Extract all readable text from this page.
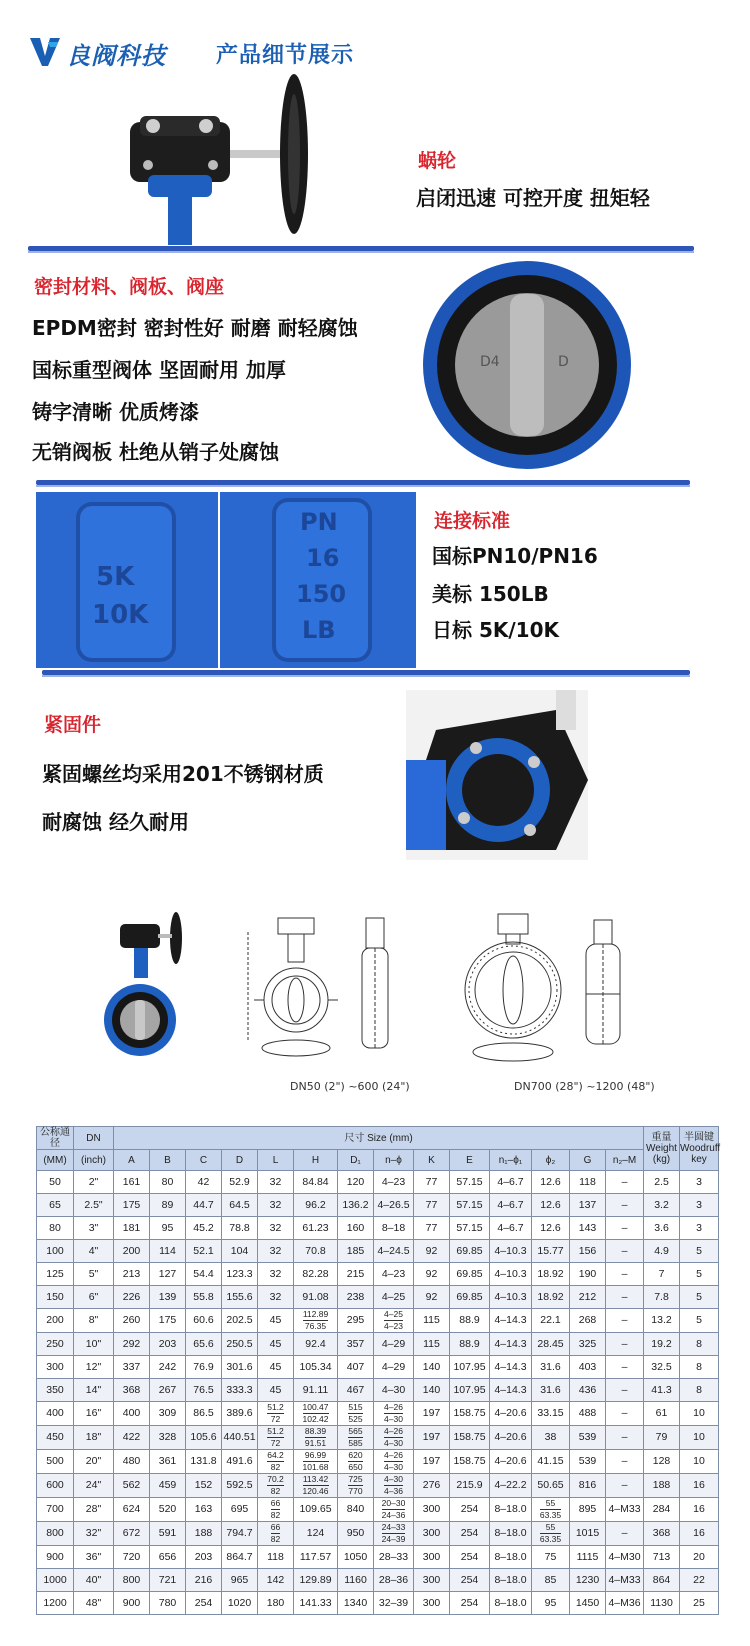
良阀科技 产品细节展示
蜗轮
启闭迅速 可控开度 扭矩轻
密封材料、阀板、阀座
EPDM密封 密封性好 耐磨 耐轻腐蚀
国标重型阀体 坚固耐用 加厚
铸字清晰 优质烤漆
无销阀板 杜绝从销子处腐蚀
D4	D
5K
10K
PN
16
150
LB
连接标准
国标PN10/PN16
美标 150LB
日标 5K/10K
紧固件
紧固螺丝均采用201不锈钢材质
耐腐蚀 经久耐用
DN50 (2") ~600 (24")	DN700 (28") ~1200 (48")
公称通径	DN	尺寸 Size (mm)														重量 Weight (kg)	半圆键 Woodruff key
(MM)	(inch)	A	B	C	D	L	H	D₁	n–ϕ	K	E	n₁–ϕ₁	ϕ₂	G	n₂–M		
50	2"	161	80	42	52.9	32	84.84	120	4–23	77	57.15	4–6.7	12.6	118	–	2.5	3
65	2.5"	175	89	44.7	64.5	32	96.2	136.2	4–26.5	77	57.15	4–6.7	12.6	137	–	3.2	3
80	3"	181	95	45.2	78.8	32	61.23	160	8–18	77	57.15	4–6.7	12.6	143	–	3.6	3
100	4"	200	114	52.1	104	32	70.8	185	4–24.5	92	69.85	4–10.3	15.77	156	–	4.9	5
125	5"	213	127	54.4	123.3	32	82.28	215	4–23	92	69.85	4–10.3	18.92	190	–	7	5
150	6"	226	139	55.8	155.6	32	91.08	238	4–25	92	69.85	4–10.3	18.92	212	–	7.8	5
200	8"	260	175	60.6	202.5	45	$\frac{112.89}{76.35}$	295	$\frac{4-25}{4-23}$	115	88.9	4–14.3	22.1	268	–	13.2	5
250	10"	292	203	65.6	250.5	45	92.4	357	4–29	115	88.9	4–14.3	28.45	325	–	19.2	8
300	12"	337	242	76.9	301.6	45	105.34	407	4–29	140	107.95	4–14.3	31.6	403	–	32.5	8
350	14"	368	267	76.5	333.3	45	91.11	467	4–30	140	107.95	4–14.3	31.6	436	–	41.3	8
400	16"	400	309	86.5	389.6	$\frac{51.2}{72}$	$\frac{100.47}{102.42}$	$\frac{515}{525}$	$\frac{4-26}{4-30}$	197	158.75	4–20.6	33.15	488	–	61	10
450	18"	422	328	105.6	440.51	$\frac{51.2}{72}$	$\frac{88.39}{91.51}$	$\frac{565}{585}$	$\frac{4-26}{4-30}$	197	158.75	4–20.6	38	539	–	79	10
500	20"	480	361	131.8	491.6	$\frac{64.2}{82}$	$\frac{96.99}{101.68}$	$\frac{620}{650}$	$\frac{4-26}{4-30}$	197	158.75	4–20.6	41.15	539	–	128	10
600	24"	562	459	152	592.5	$\frac{70.2}{82}$	$\frac{113.42}{120.46}$	$\frac{725}{770}$	$\frac{4-30}{4-36}$	276	215.9	4–22.2	50.65	816	–	188	16
700	28"	624	520	163	695	$\frac{66}{82}$	109.65	840	$\frac{20-30}{24-36}$	300	254	8–18.0	$\frac{55}{63.35}$	895	4–M33	284	16
800	32"	672	591	188	794.7	$\frac{66}{82}$	124	950	$\frac{24-33}{24-39}$	300	254	8–18.0	$\frac{55}{63.35}$	1015	–	368	16
900	36"	720	656	203	864.7	118	117.57	1050	28–33	300	254	8–18.0	75	1115	4–M30	713	20
1000	40"	800	721	216	965	142	129.89	1160	28–36	300	254	8–18.0	85	1230	4–M33	864	22
1200	48"	900	780	254	1020	180	141.33	1340	32–39	300	254	8–18.0	95	1450	4–M36	1130	25
